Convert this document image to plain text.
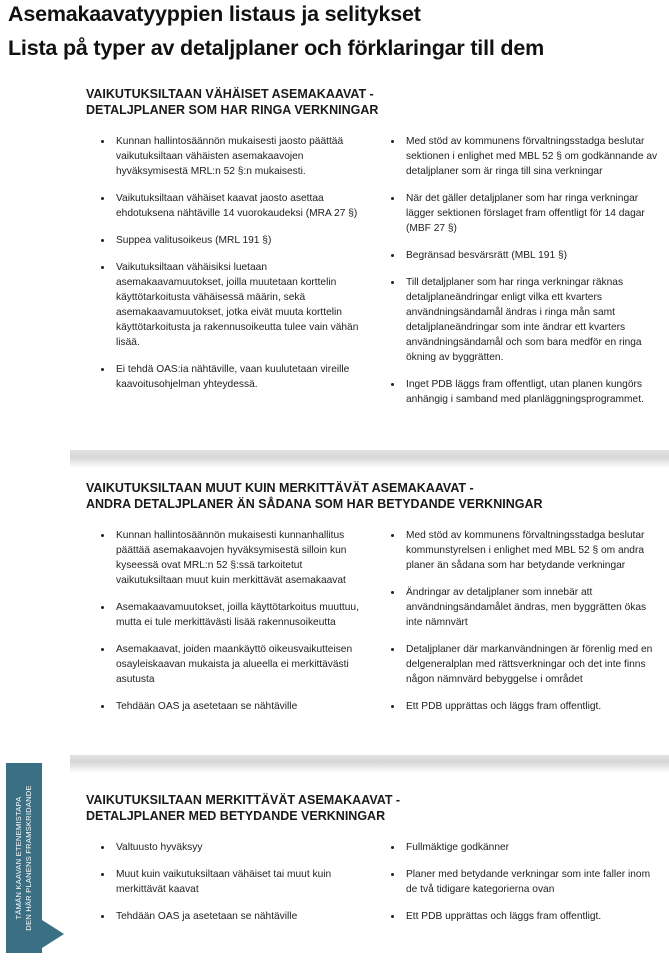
Asemakaavatyyppien listaus ja selitykset
Lista på typer av detaljplaner och förklaringar till dem
VAIKUTUKSILTAAN VÄHÄISET ASEMAKAAVAT -
DETALJPLANER SOM HAR RINGA VERKNINGAR
Kunnan hallintosäännön mukaisesti jaosto päättää vaikutuksiltaan vähäisten asemakaavojen hyväksymisestä MRL:n 52 §:n mukaisesti.
Vaikutuksiltaan vähäiset kaavat jaosto asettaa ehdotuksena nähtäville 14 vuorokaudeksi (MRA 27 §)
Suppea valitusoikeus (MRL 191 §)
Vaikutuksiltaan vähäisiksi luetaan asemakaavamuutokset, joilla muutetaan korttelin käyttötarkoitusta vähäisessä määrin, sekä asemakaavamuutokset, jotka eivät muuta korttelin käyttötarkoitusta ja rakennusoikeutta tulee vain vähän lisää.
Ei tehdä OAS:ia nähtäville, vaan kuulutetaan vireille kaavoitusohjelman yhteydessä.
Med stöd av kommunens förvaltningsstadga beslutar sektionen i enlighet med MBL 52 § om godkännande av detaljplaner som är ringa till sina verkningar
När det gäller detaljplaner som har ringa verkningar lägger sektionen förslaget fram offentligt för 14 dagar (MBF 27 §)
Begränsad besvärsrätt (MBL 191 §)
Till detaljplaner som har ringa verkningar räknas detaljplaneändringar enligt vilka ett kvarters användningsändamål ändras i ringa mån samt detaljplaneändringar som inte ändrar ett kvarters användningsändamål och som bara medför en ringa ökning av byggrätten.
Inget PDB läggs fram offentligt, utan planen kungörs anhängig i samband med planläggningsprogrammet.
VAIKUTUKSILTAAN MUUT KUIN MERKITTÄVÄT ASEMAKAAVAT -
ANDRA DETALJPLANER ÄN SÅDANA SOM HAR BETYDANDE VERKNINGAR
Kunnan hallintosäännön mukaisesti kunnanhallitus päättää asemakaavojen hyväksymisestä silloin kun kyseessä ovat MRL:n 52 §:ssä tarkoitetut vaikutuksiltaan muut kuin merkittävät asemakaavat
Asemakaavamuutokset, joilla käyttötarkoitus muuttuu, mutta ei tule merkittävästi lisää rakennusoikeutta
Asemakaavat, joiden maankäyttö oikeusvaikutteisen osayleiskaavan mukaista ja alueella ei merkittävästi asutusta
Tehdään OAS ja asetetaan se nähtäville
Med stöd av kommunens förvaltningsstadga beslutar kommunstyrelsen i enlighet med MBL 52 § om andra planer än sådana som har betydande verkningar
Ändringar av detaljplaner som innebär att användningsändamålet ändras, men byggrätten ökas inte nämnvärt
Detaljplaner där markanvändningen är förenlig med en delgeneralplan med rättsverkningar och det inte finns någon nämnvärd bebyggelse i området
Ett PDB upprättas och läggs fram offentligt.
VAIKUTUKSILTAAN MERKITTÄVÄT ASEMAKAAVAT -
DETALJPLANER MED BETYDANDE VERKNINGAR
Valtuusto hyväksyy
Muut kuin vaikutuksiltaan vähäiset tai muut kuin merkittävät kaavat
Tehdään OAS ja asetetaan se nähtäville
Fullmäktige godkänner
Planer med betydande verkningar som inte faller inom de två tidigare kategorierna ovan
Ett PDB upprättas och läggs fram offentligt.
TÄMÄN KAAVAN ETENEMISTAPA DEN HÄR PLANENS FRAMSKRIDANDE
